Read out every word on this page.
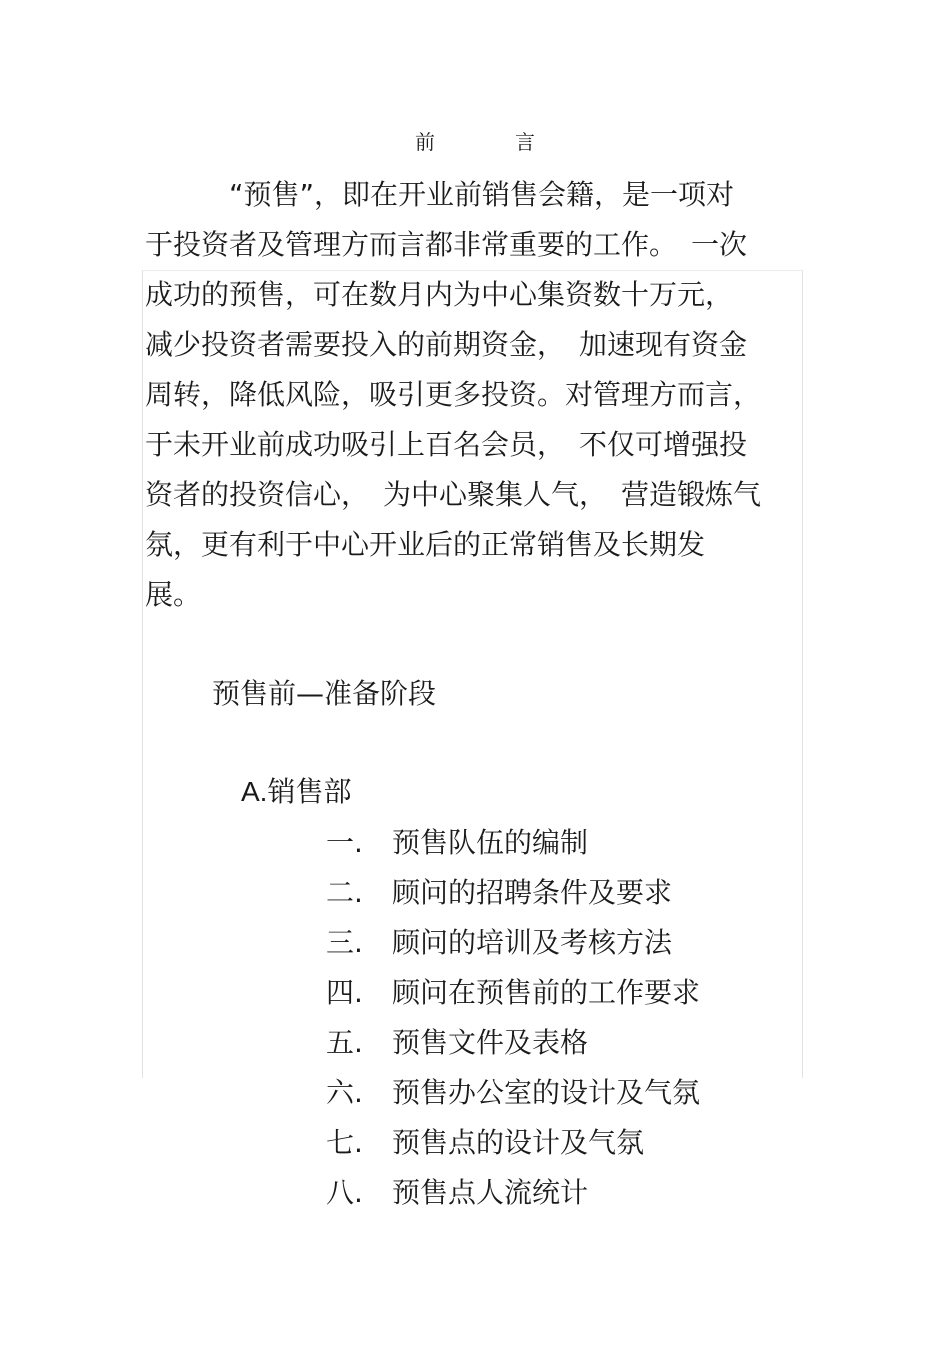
前　言
　　　“预售”，即在开业前销售会籍，是一项对
于投资者及管理方而言都非常重要的工作。　一次
成功的预售，可在数月内为中心集资数十万元，
减少投资者需要投入的前期资金，　加速现有资金
周转，降低风险，吸引更多投资。对管理方而言，
于未开业前成功吸引上百名会员，　不仅可增强投
资者的投资信心，　为中心聚集人气，　营造锻炼气
氛，更有利于中心开业后的正常销售及长期发
展。
预售前—准备阶段
A.销售部
一. 预售队伍的编制
二. 顾问的招聘条件及要求
三. 顾问的培训及考核方法
四. 顾问在预售前的工作要求
五. 预售文件及表格
六. 预售办公室的设计及气氛
七. 预售点的设计及气氛
八. 预售点人流统计
